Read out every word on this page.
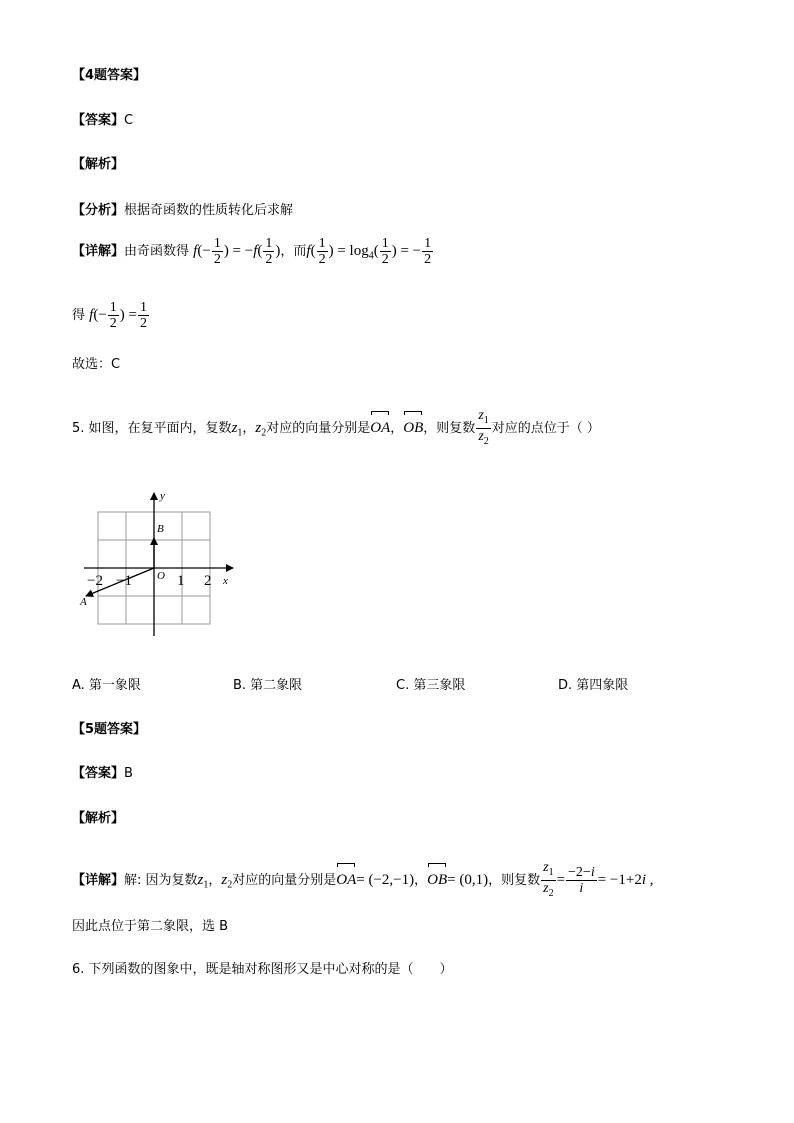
【4题答案】
【答案】C
【解析】
【分析】根据奇函数的性质转化后求解
【详解】由奇函数得 $f(- \frac{1}{2}$ ) = $-f( \frac{1}{2}$ )，而$f( \frac{1}{2}$ ) = $\log_4( \frac{1}{2}$ ) = − $\frac{1}{2}$
得 $f(- \frac{1}{2}$ ) = $\frac{1}{2}$
故选：C
5. 如图，在复平面内，复数$z_1$，$z_2$对应的向量分别是OA，OB，则复数 $\frac{z_1}{z_2}$ 对应的点位于（ ）
y
x
O
B
A
−2 −1	1 2
A. 第一象限	B. 第二象限	C. 第三象限	D. 第四象限
【5题答案】
【答案】B
【解析】
【详解】解: 因为复数$z_1$，$z_2$对应的向量分别是OA= (−2,−1)，OB= (0,1)，则复数 $\frac{z_1}{z_2} = \frac{-2-i}{i} = -1+2i$ ,
因此点位于第二象限，选 B
6. 下列函数的图象中，既是轴对称图形又是中心对称的是（　　）
